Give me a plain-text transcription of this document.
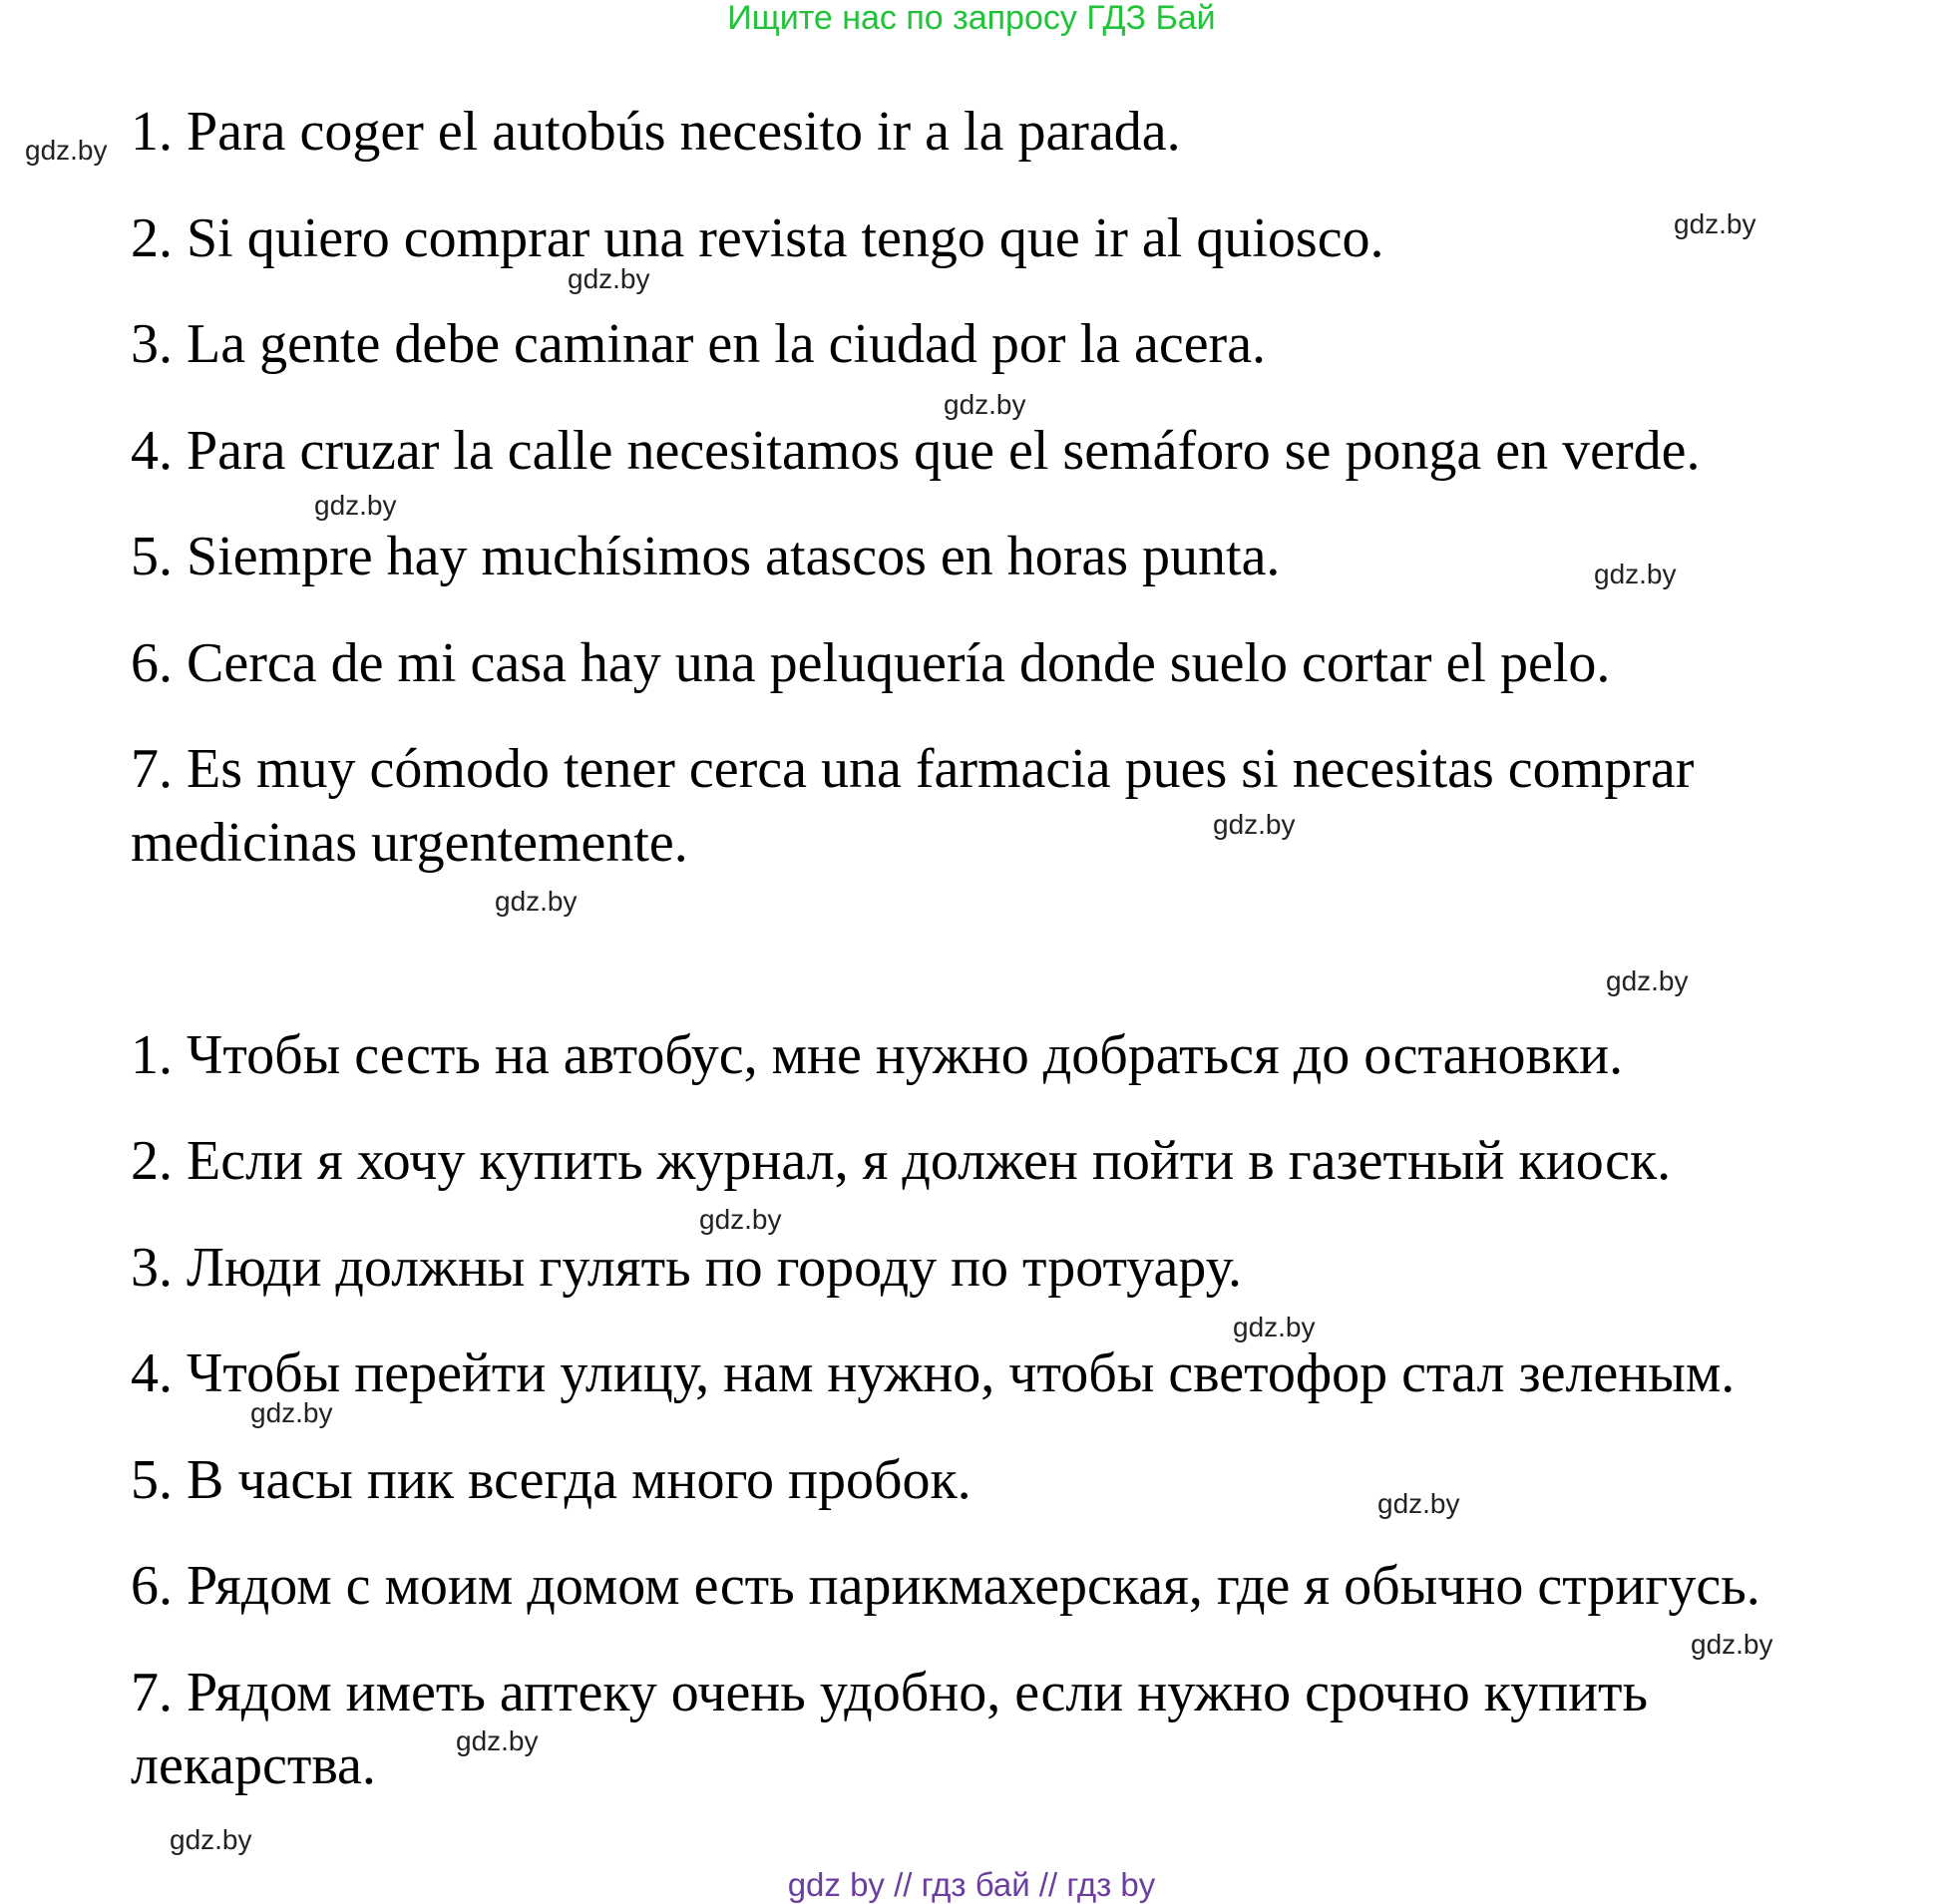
Ищите нас по запросу ГДЗ Бай
1. Para coger el autobús necesito ir a la parada.
2. Si quiero comprar una revista tengo que ir al quiosco.
3. La gente debe caminar en la ciudad por la acera.
4. Para cruzar la calle necesitamos que el semáforo se ponga en verde.
5. Siempre hay muchísimos atascos en horas punta.
6. Cerca de mi casa hay una peluquería donde suelo cortar el pelo.
7. Es muy cómodo tener cerca una farmacia pues si necesitas comprar
medicinas urgentemente.
1. Чтобы сесть на автобус, мне нужно добраться до остановки.
2. Если я хочу купить журнал, я должен пойти в газетный киоск.
3. Люди должны гулять по городу по тротуару.
4. Чтобы перейти улицу, нам нужно, чтобы светофор стал зеленым.
5. В часы пик всегда много пробок.
6. Рядом с моим домом есть парикмахерская, где я обычно стригусь.
7. Рядом иметь аптеку очень удобно, если нужно срочно купить
лекарства.
gdz.by
gdz.by
gdz.by
gdz.by
gdz.by
gdz.by
gdz.by
gdz.by
gdz.by
gdz.by
gdz.by
gdz.by
gdz.by
gdz.by
gdz.by
gdz.by
gdz by // гдз бай // гдз by
